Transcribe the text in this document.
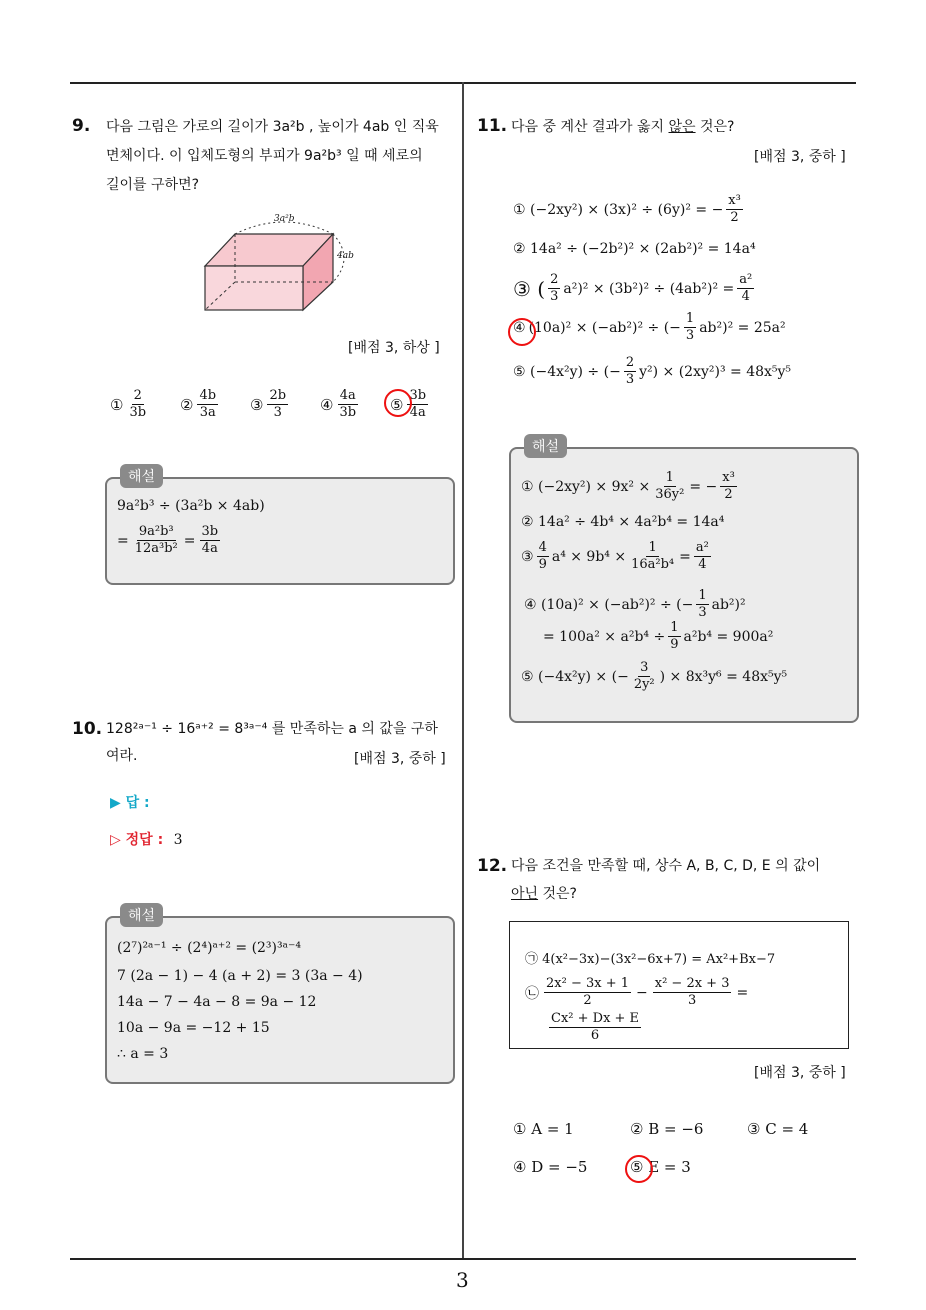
3
9. 다음 그림은 가로의 길이가 3a²b , 높이가 4ab 인 직육
면체이다. 이 입체도형의 부피가 9a²b³ 일 때 세로의
길이를 구하면?
3a²b
4ab
[배점 3, 하상 ]
① $\frac{2}{3b}$ ② $\frac{4b}{3a}$ ③ $\frac{2b}{3}$ ④ $\frac{4a}{3b}$ ⑤ $\frac{3b}{4a}$
해설
9a²b³ ÷ (3a²b × 4ab)
= $\frac{\text{9a²b³}}{\text{12a³b²}} = \frac{3b}{4a}$
10. 128²ᵃ⁻¹ ÷ 16ᵃ⁺² = 8³ᵃ⁻⁴ 를 만족하는 a 의 값을 구하
여라.	[배점 3, 중하 ]
▶ 답 :
▷ 정답 : 3
해설
(2⁷)²ᵃ⁻¹ ÷ (2⁴)ᵃ⁺² = (2³)³ᵃ⁻⁴
7 (2a − 1) − 4 (a + 2) = 3 (3a − 4)
14a − 7 − 4a − 8 = 9a − 12
10a − 9a = −12 + 15
∴ a = 3
11. 다음 중 계산 결과가 옳지 않은 것은?
[배점 3, 중하 ]
① (−2xy²) × (3x)² ÷ (6y)² = − $\frac{\text{x³}}{2}$
② 14a² ÷ (−2b²)² × (2ab²)² = 14a⁴
③ ( $\frac{2}{3} a^2)^2 \times (3b^2)^2 \div (4ab^2)^2 = \frac{\text{a²}}{4}$
④ (10a)² × (−ab²)² ÷ (− $\frac{1}{3} ab^2)^2 = 25a^2$
⑤ (−4x²y) ÷ (− $\frac{2}{3} y^2) \times (2xy^2)^3 = 48x^5y^5$
해설
① $(-2xy^2) \times 9x^2 \times \frac{1}{\text{36y²}}$ = − $\frac{\text{x³}}{2}$
② 14a² ÷ 4b⁴ × 4a²b⁴ = 14a⁴
③ $\frac{4}{9} a^4 \times 9b^4 \times \frac{1}{\text{16a²b⁴}} = \frac{\text{a²}}{4}$
④ (10a)² × (−ab²)² ÷ (− $\frac{1}{3} ab^2)^2$
= $100a^2 \times a^2b^4 \div \frac{1}{9} a^2b^4 = 900a^2$
⑤ (−4x²y) × (− $\frac{3}{\text{2y²}}$ ) × 8x³y⁶ = 48x⁵y⁵
12. 다음 조건을 만족할 때, 상수 A, B, C, D, E 의 값이
아닌 것은?
㉠ 4(x²−3x)−(3x²−6x+7) = Ax²+Bx−7
㉡ $\frac{\text{2x² − 3x + 1}}{2} - \frac{\text{x² − 2x + 3}}{3}$ =
$\frac{\text{Cx² + Dx + E}}{6}$
[배점 3, 중하 ]
① A = 1	② B = −6	③ C = 4
④ D = −5	⑤ E = 3
